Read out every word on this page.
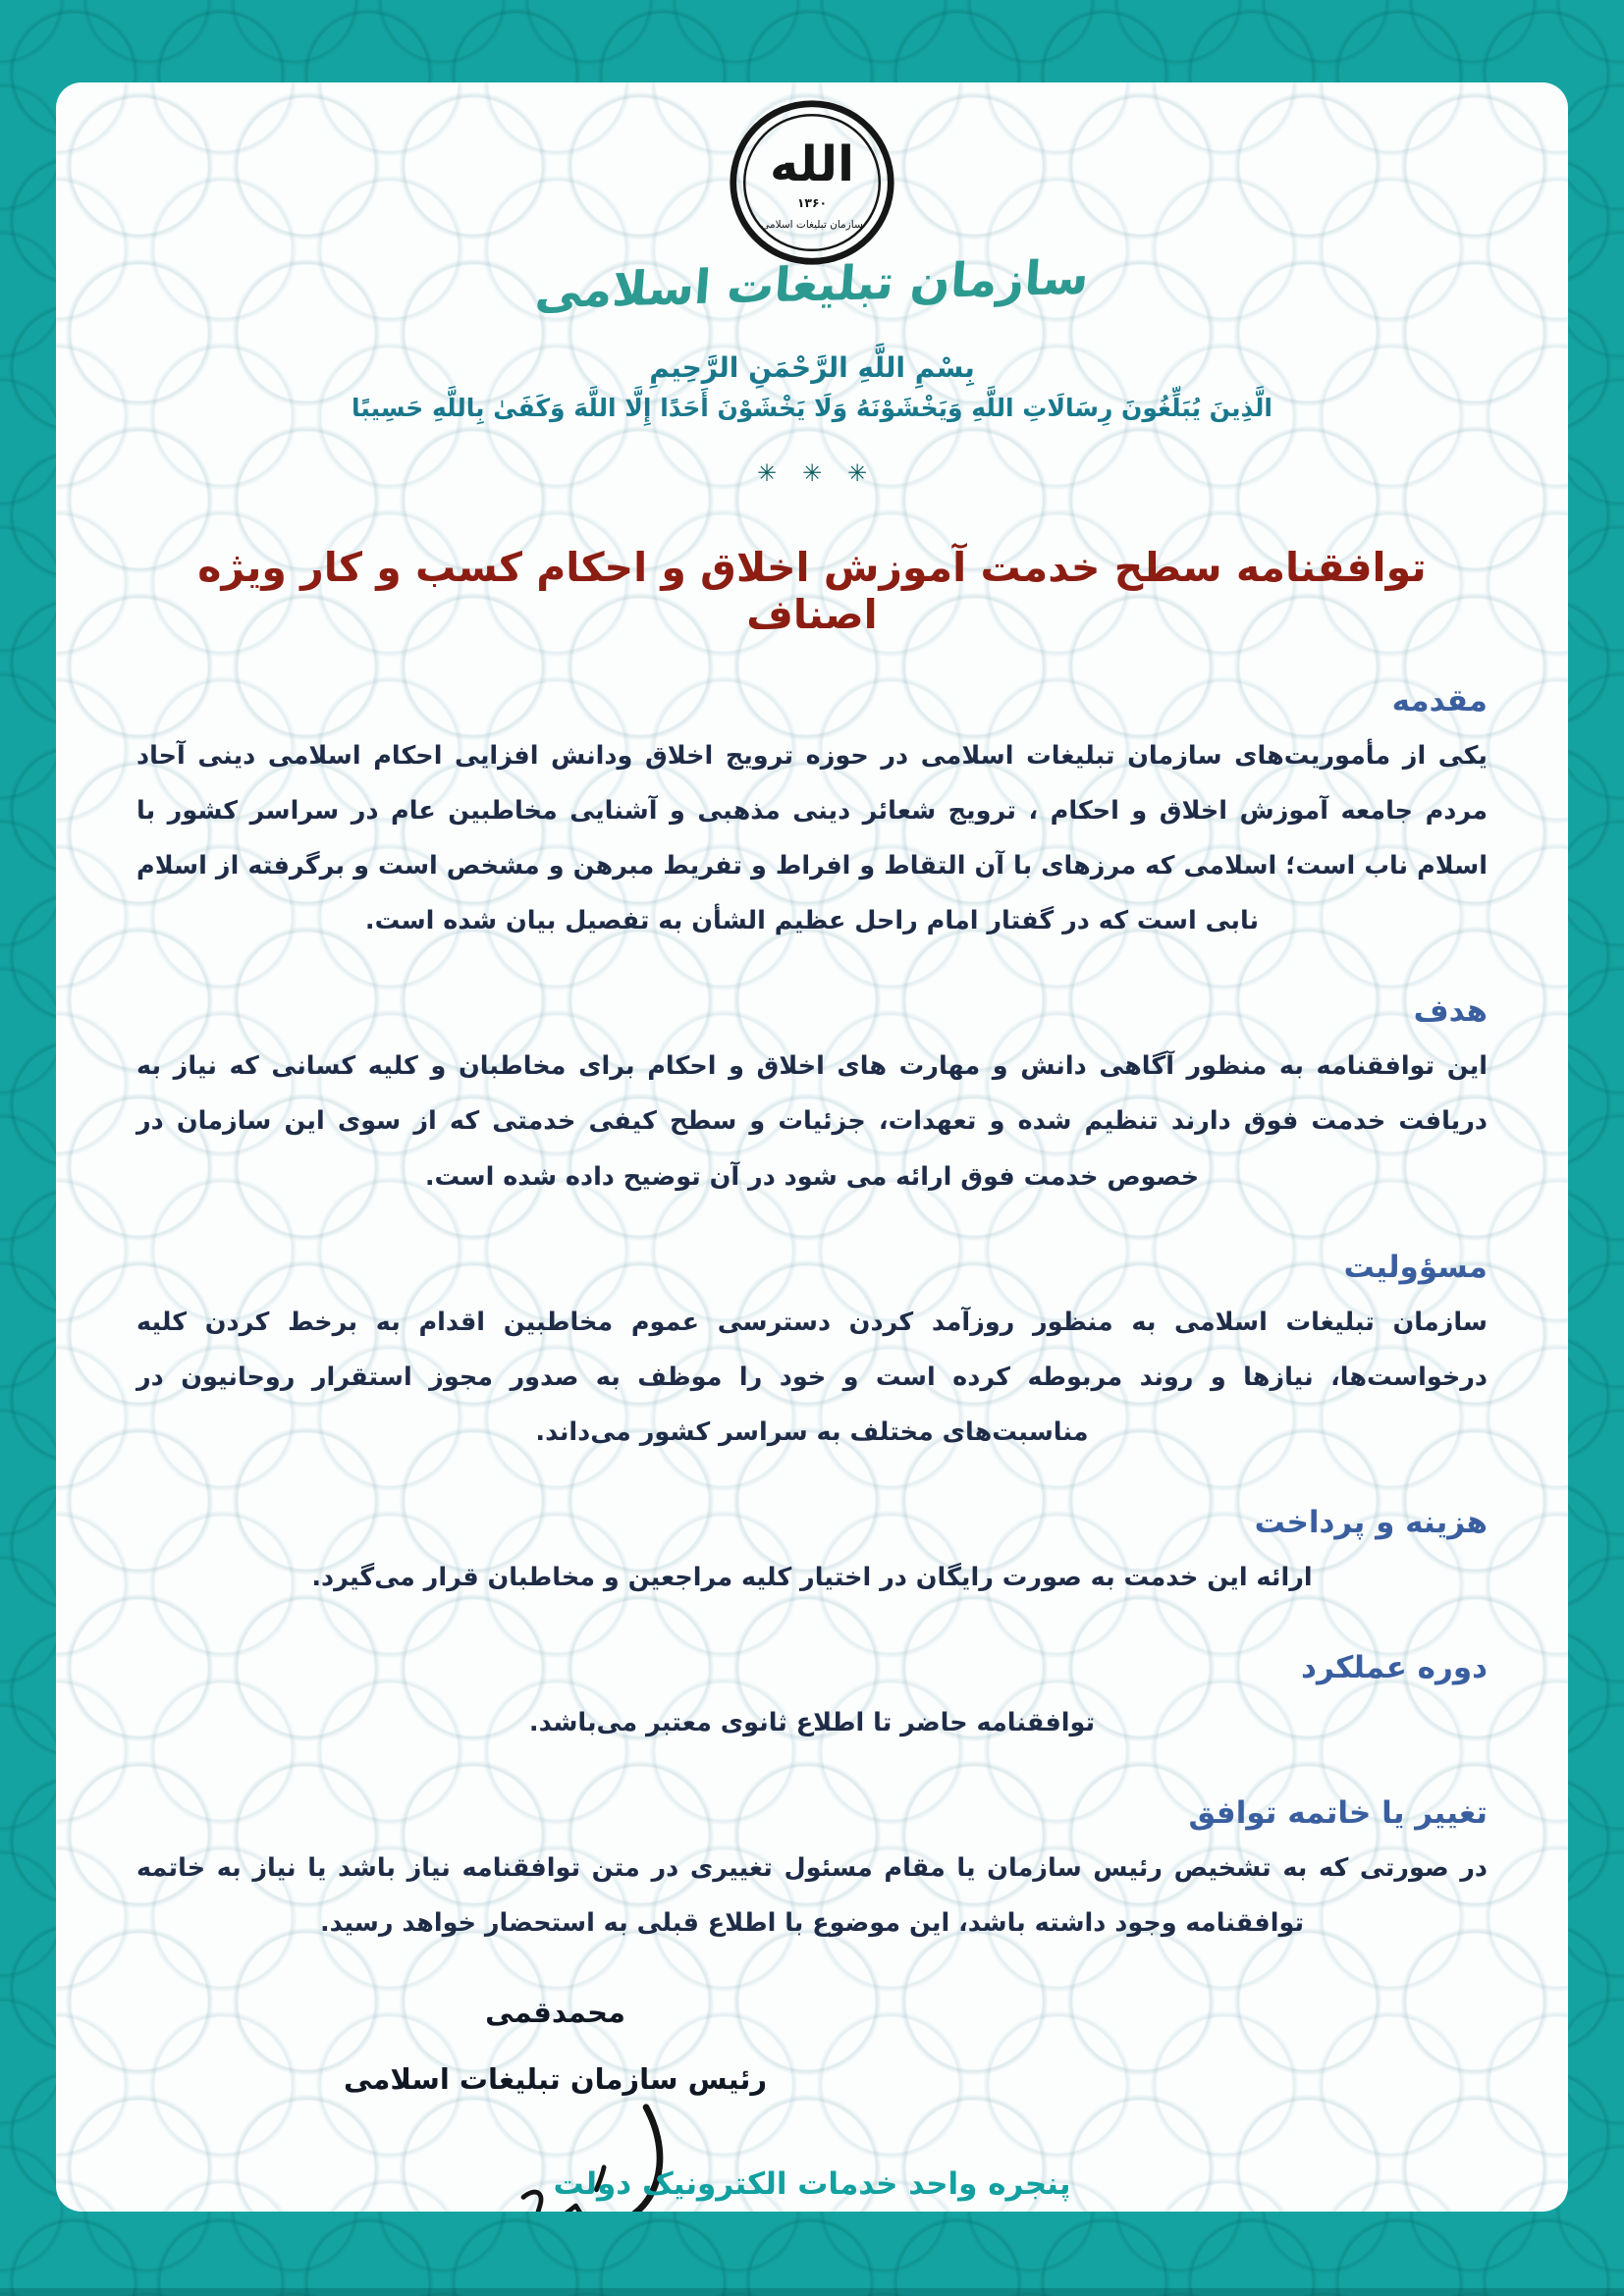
الله
۱۳۶۰
سازمان تبلیغات اسلامی
سازمان تبلیغات اسلامی
بِسْمِ اللَّهِ الرَّحْمَنِ الرَّحِيمِ
الَّذِينَ يُبَلِّغُونَ رِسَالَاتِ اللَّهِ وَيَخْشَوْنَهُ وَلَا يَخْشَوْنَ أَحَدًا إِلَّا اللَّهَ وَكَفَىٰ بِاللَّهِ حَسِيبًا
✳✳✳
توافقنامه سطح خدمت آموزش اخلاق و احکام کسب و کار ویژه اصناف
مقدمه

یکی از مأموریت‌های سازمان تبلیغات اسلامی در حوزه ترویج اخلاق ودانش افزایی احکام اسلامی دینی آحاد مردم جامعه آموزش اخلاق و احکام ، ترویج شعائر دینی مذهبی و آشنایی مخاطبین عام در سراسر کشور با اسلام ناب است؛ اسلامی که مرزهای با آن التقاط و افراط و تفریط مبرهن و مشخص است و برگرفته از اسلام نابی است که در گفتار امام راحل عظیم الشأن به تفصیل بیان شده است.

هدف

این توافقنامه به منظور آگاهی دانش و مهارت های اخلاق و احکام برای مخاطبان و کلیه کسانی که نیاز به دریافت خدمت فوق دارند تنظیم شده و تعهدات، جزئیات و سطح کیفی خدمتی که از سوی این سازمان در خصوص خدمت فوق ارائه می شود در آن توضیح داده شده است.

مسؤولیت

سازمان تبلیغات اسلامی به منظور روزآمد کردن دسترسی عموم مخاطبین اقدام به برخط کردن کلیه درخواست‌ها، نیازها و روند مربوطه کرده است و خود را موظف به صدور مجوز استقرار روحانیون در مناسبت‌های مختلف به سراسر کشور می‌داند.

هزینه و پرداخت

ارائه این خدمت به صورت رایگان در اختیار کلیه مراجعین و مخاطبان قرار می‌گیرد.

دوره عملکرد

توافقنامه حاضر تا اطلاع ثانوی معتبر می‌باشد.

تغییر یا خاتمه توافق

در صورتی که به تشخیص رئیس سازمان یا مقام مسئول تغییری در متن توافقنامه نیاز باشد یا نیاز به خاتمه توافقنامه وجود داشته باشد، این موضوع با اطلاع قبلی به استحضار خواهد رسید.

محمدقمی
رئیس سازمان تبلیغات اسلامی
پنجره واحد خدمات الکترونیک دولت
